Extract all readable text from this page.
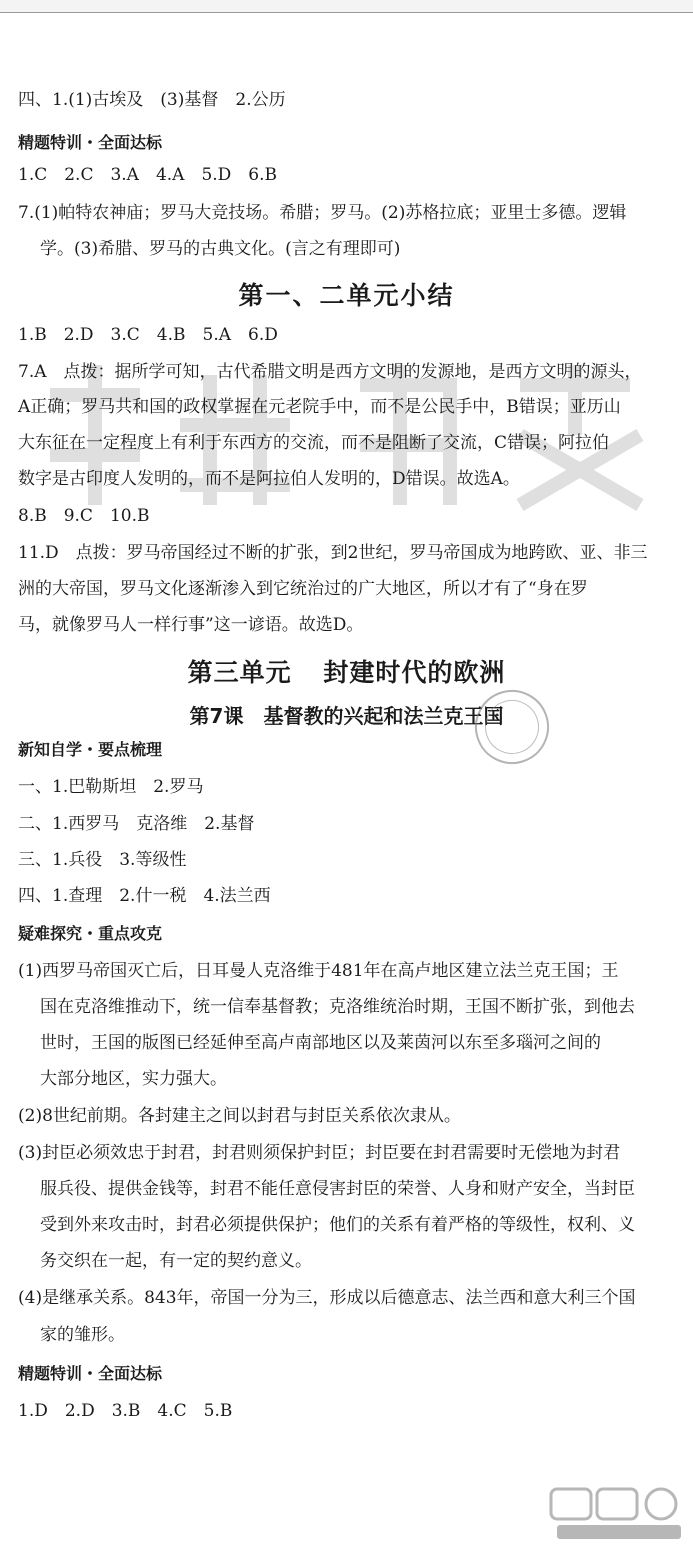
四、1.(1)古埃及　(3)基督　2.公历
精题特训・全面达标
1.C　2.C　3.A　4.A　5.D　6.B
7.(1)帕特农神庙；罗马大竞技场。希腊；罗马。(2)苏格拉底；亚里士多德。逻辑
学。(3)希腊、罗马的古典文化。(言之有理即可)
第一、二单元小结
1.B　2.D　3.C　4.B　5.A　6.D
7.A　点拨：据所学可知，古代希腊文明是西方文明的发源地，是西方文明的源头，
A正确；罗马共和国的政权掌握在元老院手中，而不是公民手中，B错误；亚历山
大东征在一定程度上有利于东西方的交流，而不是阻断了交流，C错误；阿拉伯
数字是古印度人发明的，而不是阿拉伯人发明的，D错误。故选A。
8.B　9.C　10.B
11.D　点拨：罗马帝国经过不断的扩张，到2世纪，罗马帝国成为地跨欧、亚、非三
洲的大帝国，罗马文化逐渐渗入到它统治过的广大地区，所以才有了“身在罗
马，就像罗马人一样行事”这一谚语。故选D。
第三单元 封建时代的欧洲
第7课　基督教的兴起和法兰克王国
新知自学・要点梳理
一、1.巴勒斯坦　2.罗马
二、1.西罗马　克洛维　2.基督
三、1.兵役　3.等级性
四、1.查理　2.什一税　4.法兰西
疑难探究・重点攻克
(1)西罗马帝国灭亡后，日耳曼人克洛维于481年在高卢地区建立法兰克王国；王
国在克洛维推动下，统一信奉基督教；克洛维统治时期，王国不断扩张，到他去
世时，王国的版图已经延伸至高卢南部地区以及莱茵河以东至多瑙河之间的
大部分地区，实力强大。
(2)8世纪前期。各封建主之间以封君与封臣关系依次隶从。
(3)封臣必须效忠于封君，封君则须保护封臣；封臣要在封君需要时无偿地为封君
服兵役、提供金钱等，封君不能任意侵害封臣的荣誉、人身和财产安全，当封臣
受到外来攻击时，封君必须提供保护；他们的关系有着严格的等级性，权利、义
务交织在一起，有一定的契约意义。
(4)是继承关系。843年，帝国一分为三，形成以后德意志、法兰西和意大利三个国
家的雏形。
精题特训・全面达标
1.D　2.D　3.B　4.C　5.B
